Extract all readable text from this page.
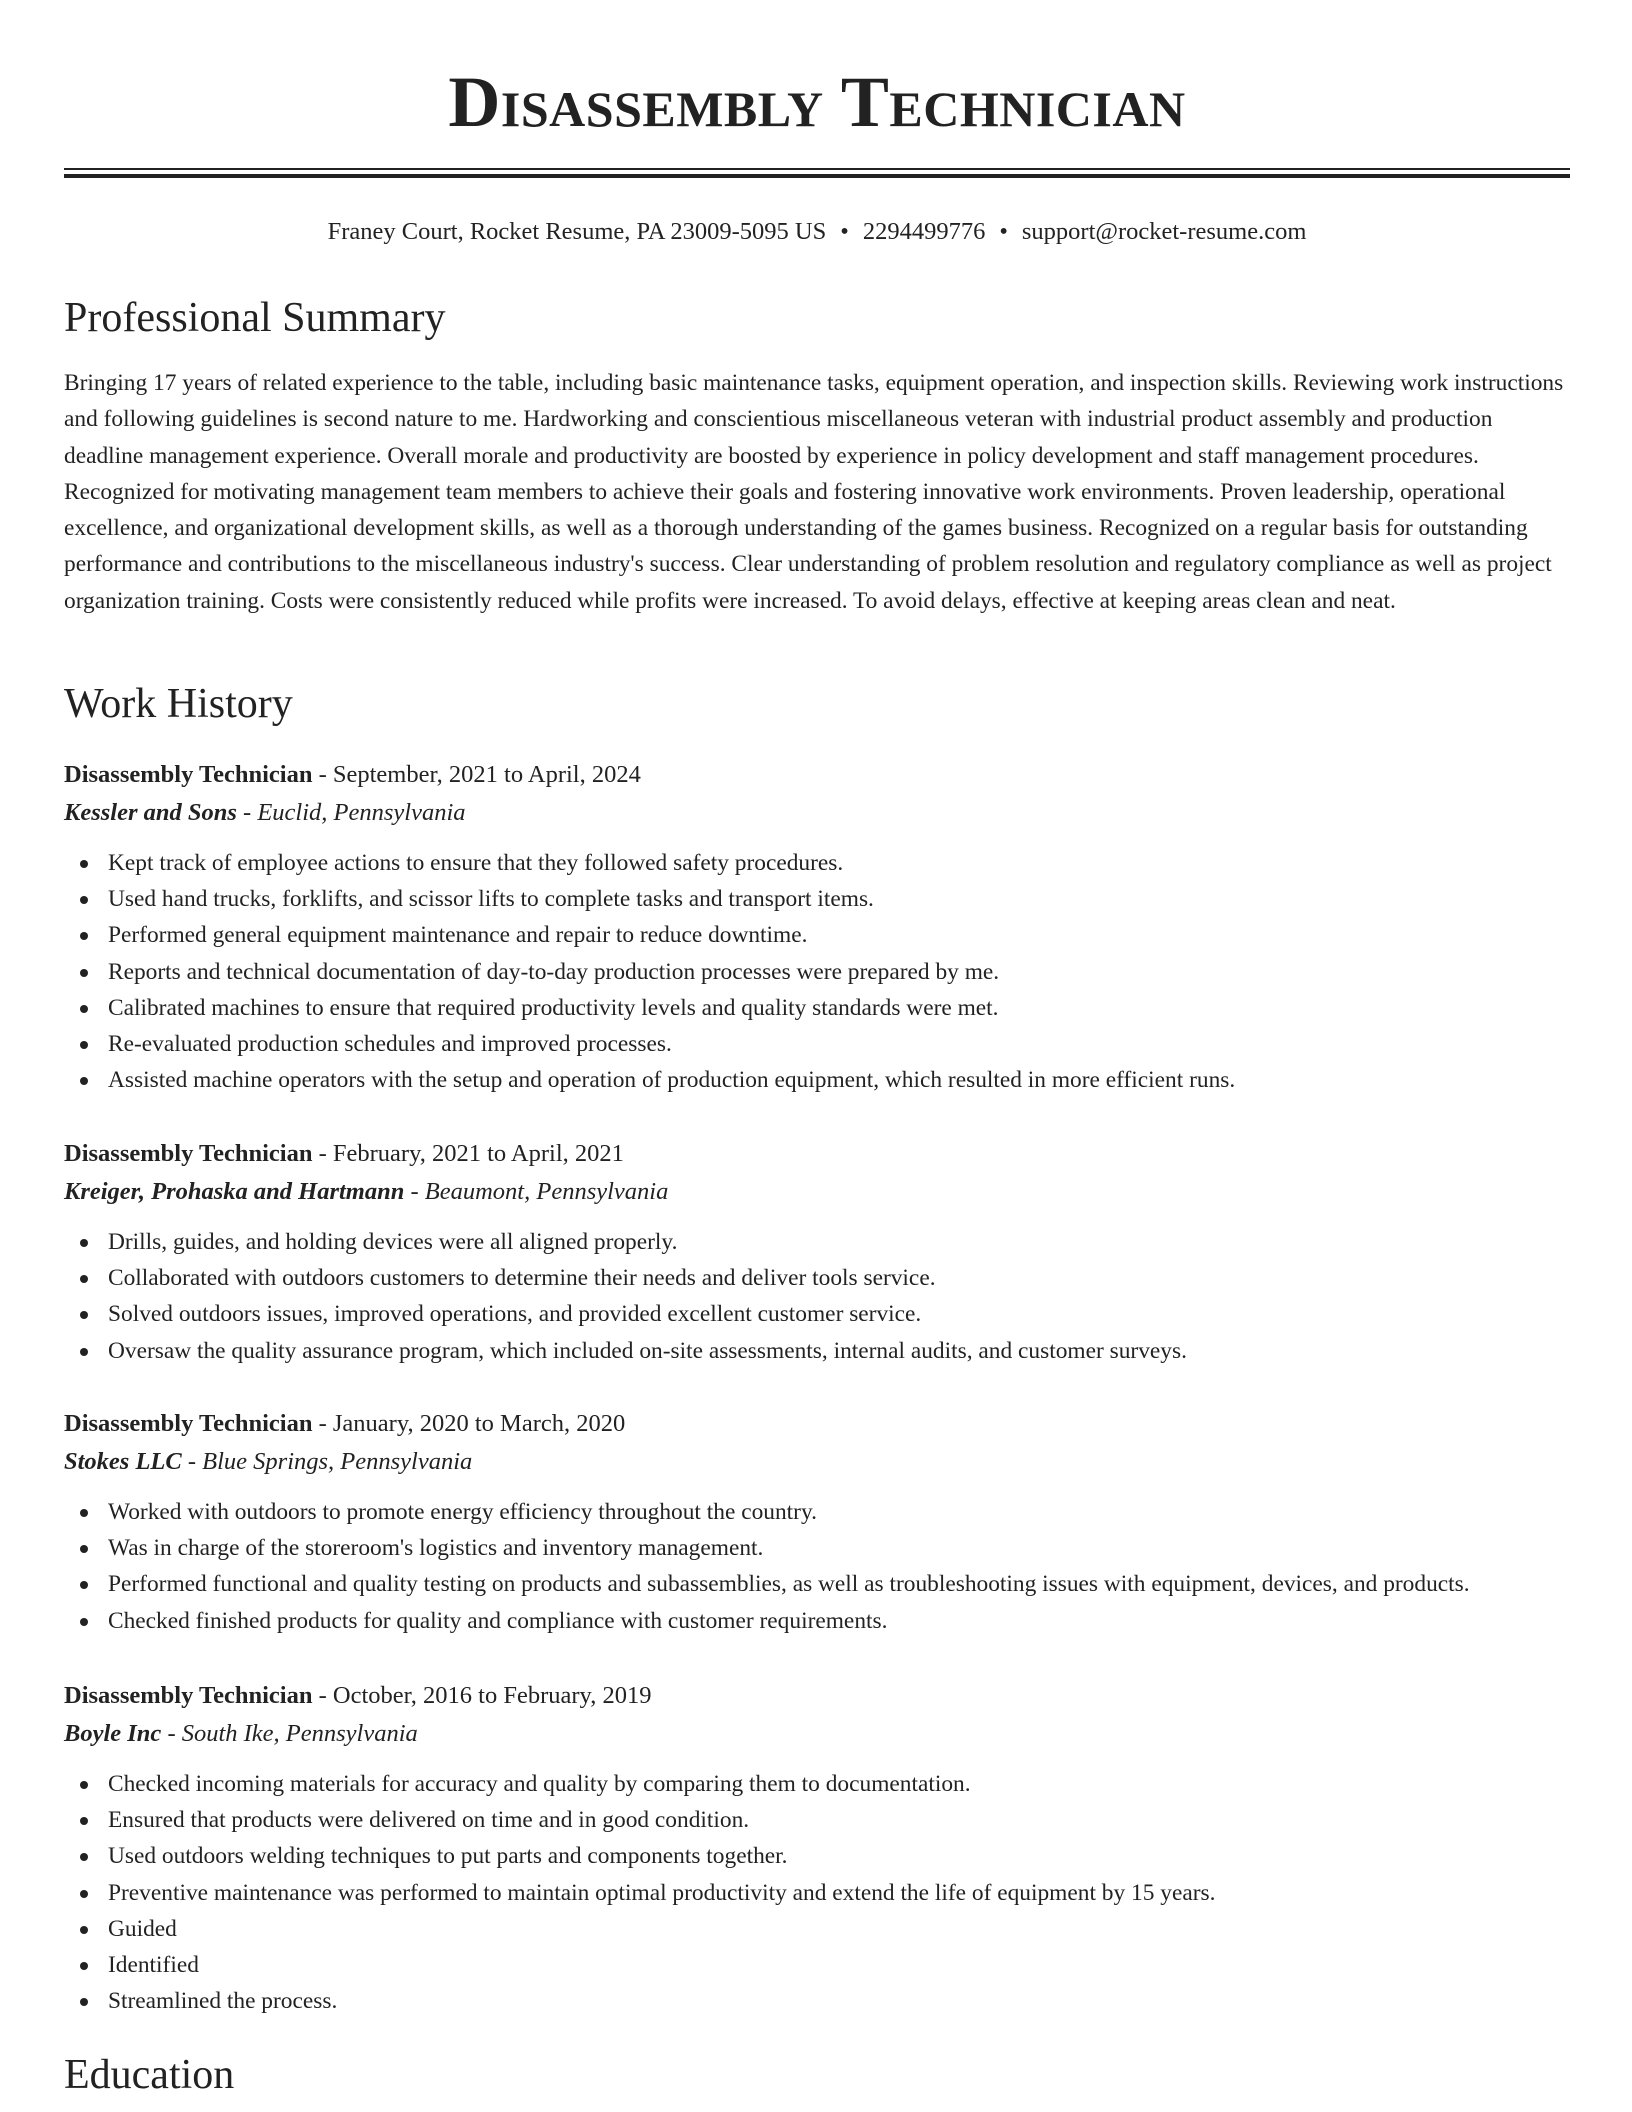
Disassembly Technician
Franey Court, Rocket Resume, PA 23009-5095 US • 2294499776 • support@rocket-resume.com
Professional Summary

Bringing 17 years of related experience to the table, including basic maintenance tasks, equipment operation, and inspection skills. Reviewing work instructions and following guidelines is second nature to me. Hardworking and conscientious miscellaneous veteran with industrial product assembly and production deadline management experience. Overall morale and productivity are boosted by experience in policy development and staff management procedures. Recognized for motivating management team members to achieve their goals and fostering innovative work environments. Proven leadership, operational excellence, and organizational development skills, as well as a thorough understanding of the games business. Recognized on a regular basis for outstanding performance and contributions to the miscellaneous industry's success. Clear understanding of problem resolution and regulatory compliance as well as project organization training. Costs were consistently reduced while profits were increased. To avoid delays, effective at keeping areas clean and neat.

Work History
Disassembly Technician - September, 2021 to April, 2024
Kessler and Sons - Euclid, Pennsylvania
Kept track of employee actions to ensure that they followed safety procedures.
Used hand trucks, forklifts, and scissor lifts to complete tasks and transport items.
Performed general equipment maintenance and repair to reduce downtime.
Reports and technical documentation of day-to-day production processes were prepared by me.
Calibrated machines to ensure that required productivity levels and quality standards were met.
Re-evaluated production schedules and improved processes.
Assisted machine operators with the setup and operation of production equipment, which resulted in more efficient runs.
Disassembly Technician - February, 2021 to April, 2021
Kreiger, Prohaska and Hartmann - Beaumont, Pennsylvania
Drills, guides, and holding devices were all aligned properly.
Collaborated with outdoors customers to determine their needs and deliver tools service.
Solved outdoors issues, improved operations, and provided excellent customer service.
Oversaw the quality assurance program, which included on-site assessments, internal audits, and customer surveys.
Disassembly Technician - January, 2020 to March, 2020
Stokes LLC - Blue Springs, Pennsylvania
Worked with outdoors to promote energy efficiency throughout the country.
Was in charge of the storeroom's logistics and inventory management.
Performed functional and quality testing on products and subassemblies, as well as troubleshooting issues with equipment, devices, and products.
Checked finished products for quality and compliance with customer requirements.
Disassembly Technician - October, 2016 to February, 2019
Boyle Inc - South Ike, Pennsylvania
Checked incoming materials for accuracy and quality by comparing them to documentation.
Ensured that products were delivered on time and in good condition.
Used outdoors welding techniques to put parts and components together.
Preventive maintenance was performed to maintain optimal productivity and extend the life of equipment by 15 years.
Guided
Identified
Streamlined the process.
Education
